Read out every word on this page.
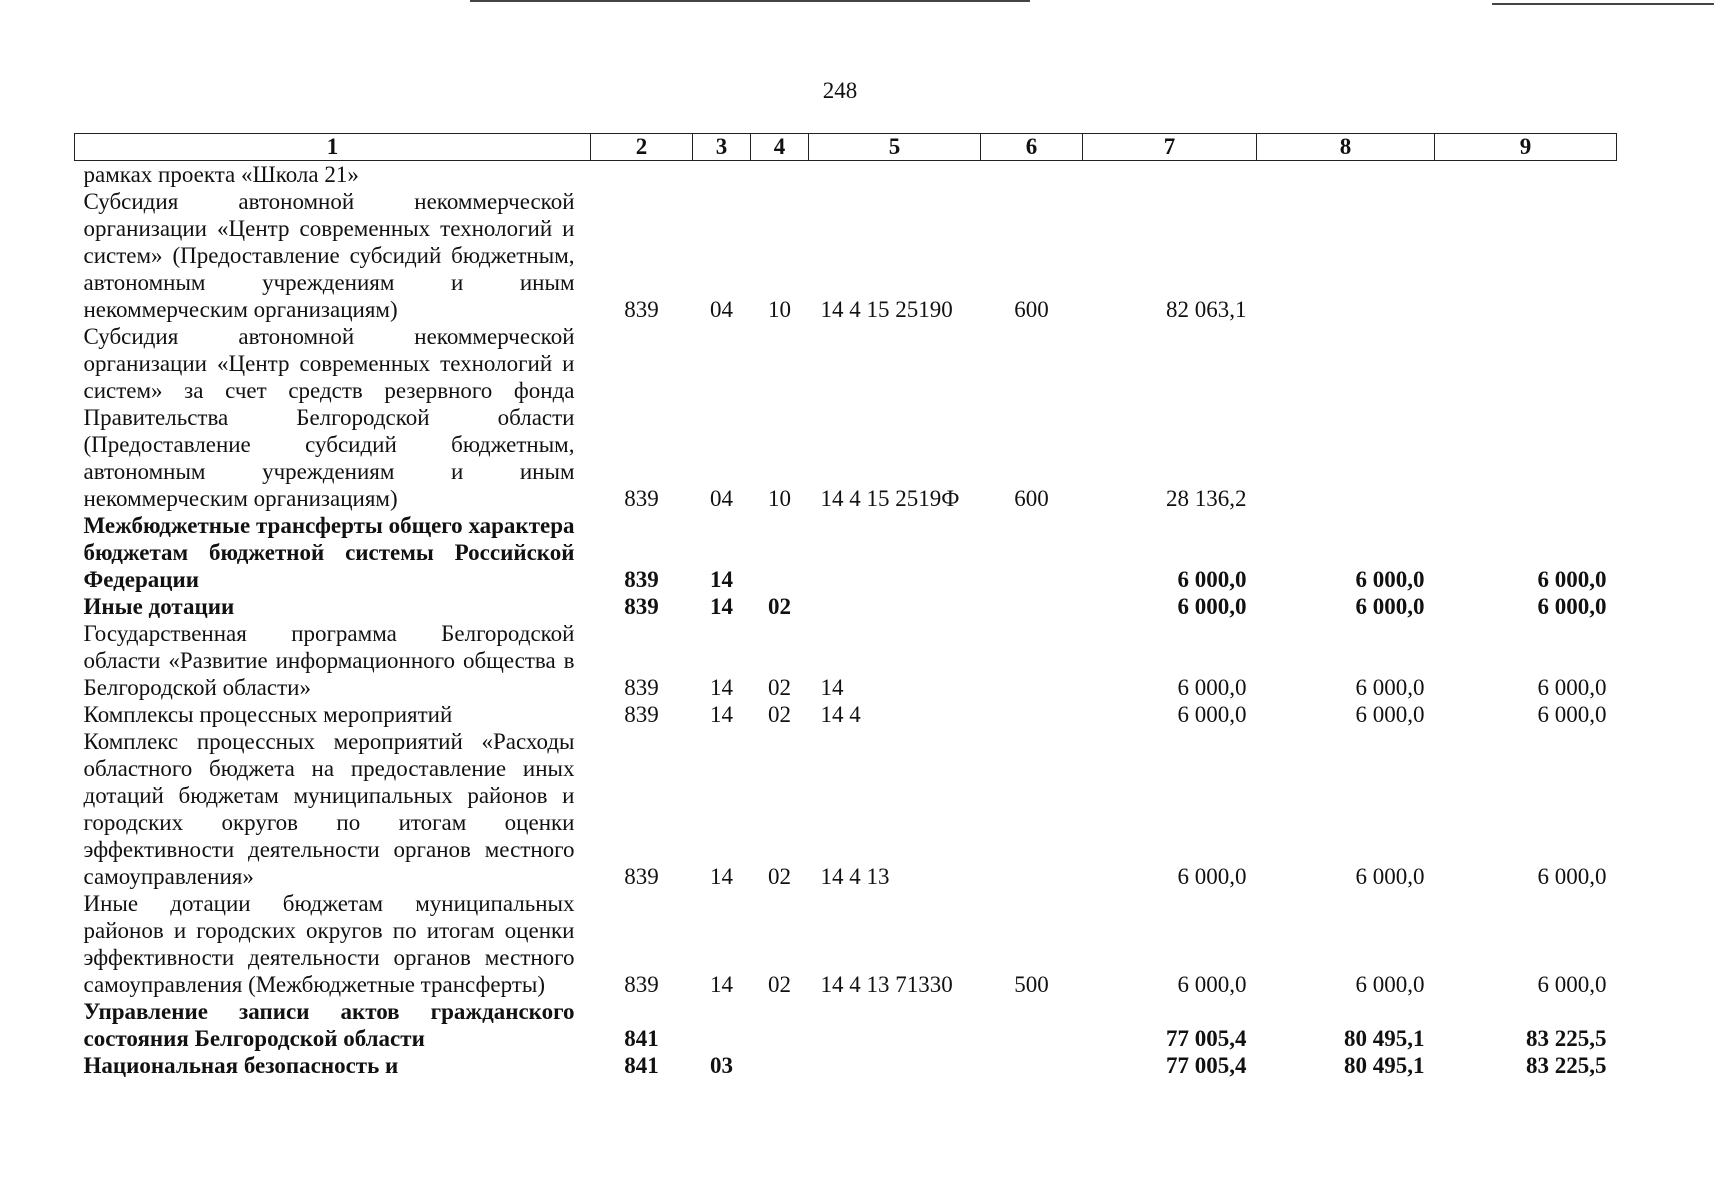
248
1	2	3	4	5	6	7	8	9
рамках проекта «Школа 21»								
Субсидия автономной некоммерческой организации «Центр современных технологий и систем» (Предоставление субсидий бюджетным, автономным учреждениям и иным некоммерческим организациям)	839	04	10	14 4 15 25190	600	82 063,1		
Субсидия автономной некоммерческой организации «Центр современных технологий и систем» за счет средств резервного фонда Правительства Белгородской области (Предоставление субсидий бюджетным, автономным учреждениям и иным некоммерческим организациям)	839	04	10	14 4 15 2519Ф	600	28 136,2		
Межбюджетные трансферты общего характера бюджетам бюджетной системы Российской Федерации	839	14				6 000,0	6 000,0	6 000,0
Иные дотации	839	14	02			6 000,0	6 000,0	6 000,0
Государственная программа Белгородской области «Развитие информационного общества в Белгородской области»	839	14	02	14		6 000,0	6 000,0	6 000,0
Комплексы процессных мероприятий	839	14	02	14 4		6 000,0	6 000,0	6 000,0
Комплекс процессных мероприятий «Расходы областного бюджета на предоставление иных дотаций бюджетам муниципальных районов и городских округов по итогам оценки эффективности деятельности органов местного самоуправления»	839	14	02	14 4 13		6 000,0	6 000,0	6 000,0
Иные дотации бюджетам муниципальных районов и городских округов по итогам оценки эффективности деятельности органов местного самоуправления (Межбюджетные трансферты)	839	14	02	14 4 13 71330	500	6 000,0	6 000,0	6 000,0
Управление записи актов гражданского состояния Белгородской области	841					77 005,4	80 495,1	83 225,5
Национальная безопасность и	841	03				77 005,4	80 495,1	83 225,5
